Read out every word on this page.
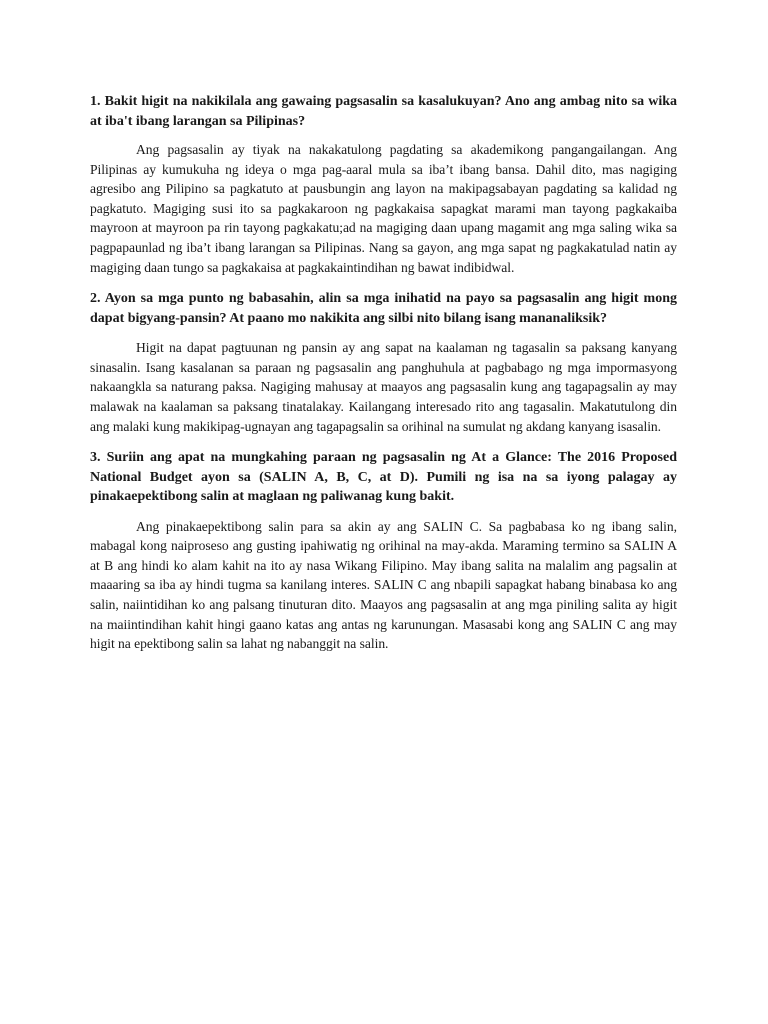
1. Bakit higit na nakikilala ang gawaing pagsasalin sa kasalukuyan? Ano ang ambag nito sa wika at iba't ibang larangan sa Pilipinas?

Ang pagsasalin ay tiyak na nakakatulong pagdating sa akademikong pangangailangan. Ang Pilipinas ay kumukuha ng ideya o mga pag-aaral mula sa iba’t ibang bansa. Dahil dito, mas nagiging agresibo ang Pilipino sa pagkatuto at pausbungin ang layon na makipagsabayan pagdating sa kalidad ng pagkatuto. Magiging susi ito sa pagkakaroon ng pagkakaisa sapagkat marami man tayong pagkakaiba mayroon at mayroon pa rin tayong pagkakatu;ad na magiging daan upang magamit ang mga saling wika sa pagpapaunlad ng iba’t ibang larangan sa Pilipinas. Nang sa gayon, ang mga sapat ng pagkakatulad natin ay magiging daan tungo sa pagkakaisa at pagkakaintindihan ng bawat indibidwal.

2. Ayon sa mga punto ng babasahin, alin sa mga inihatid na payo sa pagsasalin ang higit mong dapat bigyang-pansin? At paano mo nakikita ang silbi nito bilang isang mananaliksik?

Higit na dapat pagtuunan ng pansin ay ang sapat na kaalaman ng tagasalin sa paksang kanyang sinasalin. Isang kasalanan sa paraan ng pagsasalin ang panghuhula at pagbabago ng mga impormasyong nakaangkla sa naturang paksa. Nagiging mahusay at maayos ang pagsasalin kung ang tagapagsalin ay may malawak na kaalaman sa paksang tinatalakay. Kailangang interesado rito ang tagasalin. Makatutulong din ang malaki kung makikipag-ugnayan ang tagapagsalin sa orihinal na sumulat ng akdang kanyang isasalin.

3. Suriin ang apat na mungkahing paraan ng pagsasalin ng At a Glance: The 2016 Proposed National Budget ayon sa (SALIN A, B, C, at D). Pumili ng isa na sa iyong palagay ay pinakaepektibong salin at maglaan ng paliwanag kung bakit.

Ang pinakaepektibong salin para sa akin ay ang SALIN C. Sa pagbabasa ko ng ibang salin, mabagal kong naiproseso ang gusting ipahiwatig ng orihinal na may-akda. Maraming termino sa SALIN A at B ang hindi ko alam kahit na ito ay nasa Wikang Filipino. May ibang salita na malalim ang pagsalin at maaaring sa iba ay hindi tugma sa kanilang interes. SALIN C ang nbapili sapagkat habang binabasa ko ang salin, naiintidihan ko ang palsang tinuturan dito. Maayos ang pagsasalin at ang mga piniling salita ay higit na maiintindihan kahit hingi gaano katas ang antas ng karunungan. Masasabi kong ang SALIN C ang may higit na epektibong salin sa lahat ng nabanggit na salin.
